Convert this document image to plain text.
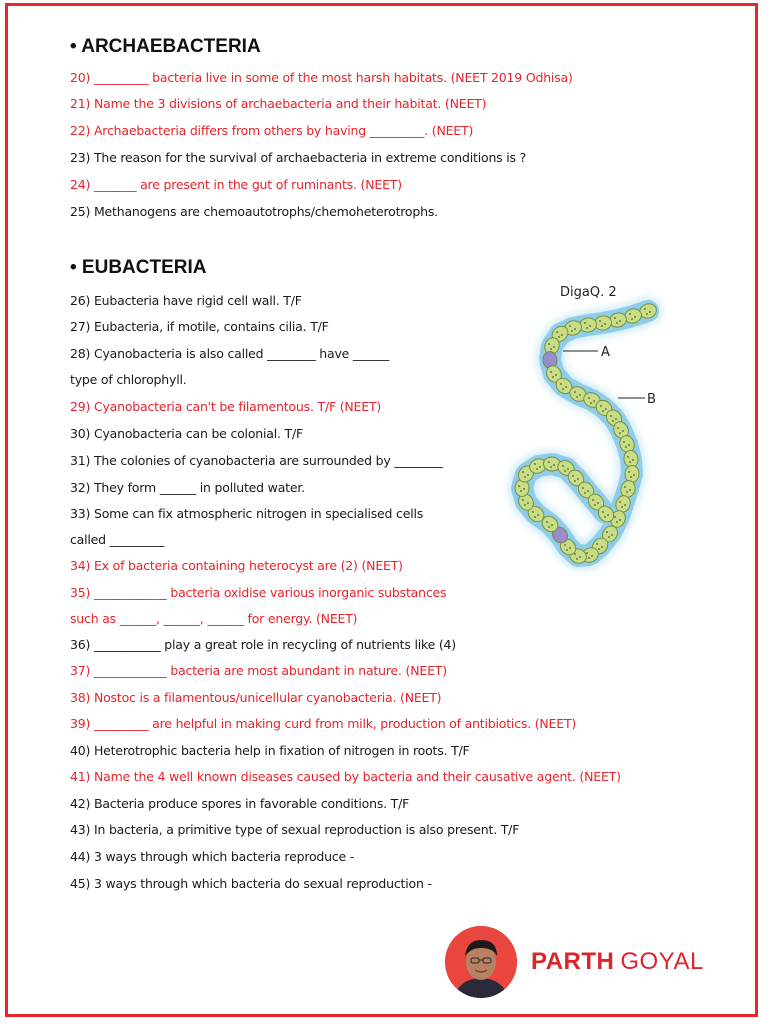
• ARCHAEBACTERIA

20) _________ bacteria live in some of the most harsh habitats. (NEET 2019 Odhisa)

21) Name the 3 divisions of archaebacteria and their habitat. (NEET)

22) Archaebacteria differs from others by having _________. (NEET)

23) The reason for the survival of archaebacteria in extreme conditions is ?

24) _______ are present in the gut of ruminants. (NEET)

25) Methanogens are chemoautotrophs/chemoheterotrophs.

• EUBACTERIA

26) Eubacteria have rigid cell wall. T/F

27) Eubacteria, if motile, contains cilia. T/F

28) Cyanobacteria is also called ________ have ______

type of chlorophyll.

29) Cyanobacteria can't be filamentous. T/F (NEET)

30) Cyanobacteria can be colonial. T/F

31) The colonies of cyanobacteria are surrounded by ________

32) They form ______ in polluted water.

33) Some can fix atmospheric nitrogen in specialised cells

called _________

34) Ex of bacteria containing heterocyst are (2) (NEET)

35) ____________ bacteria oxidise various inorganic substances

such as ______, ______, ______ for energy. (NEET)

36) ___________ play a great role in recycling of nutrients like (4)

37) ____________ bacteria are most abundant in nature. (NEET)

38) Nostoc is a filamentous/unicellular cyanobacteria. (NEET)

39) _________ are helpful in making curd from milk, production of antibiotics. (NEET)

40) Heterotrophic bacteria help in fixation of nitrogen in roots. T/F

41) Name the 4 well known diseases caused by bacteria and their causative agent. (NEET)

42) Bacteria produce spores in favorable conditions. T/F

43) In bacteria, a primitive type of sexual reproduction is also present. T/F

44) 3 ways through which bacteria reproduce -

45) 3 ways through which bacteria do sexual reproduction -

DigaQ. 2
A
B
PARTH GOYAL
